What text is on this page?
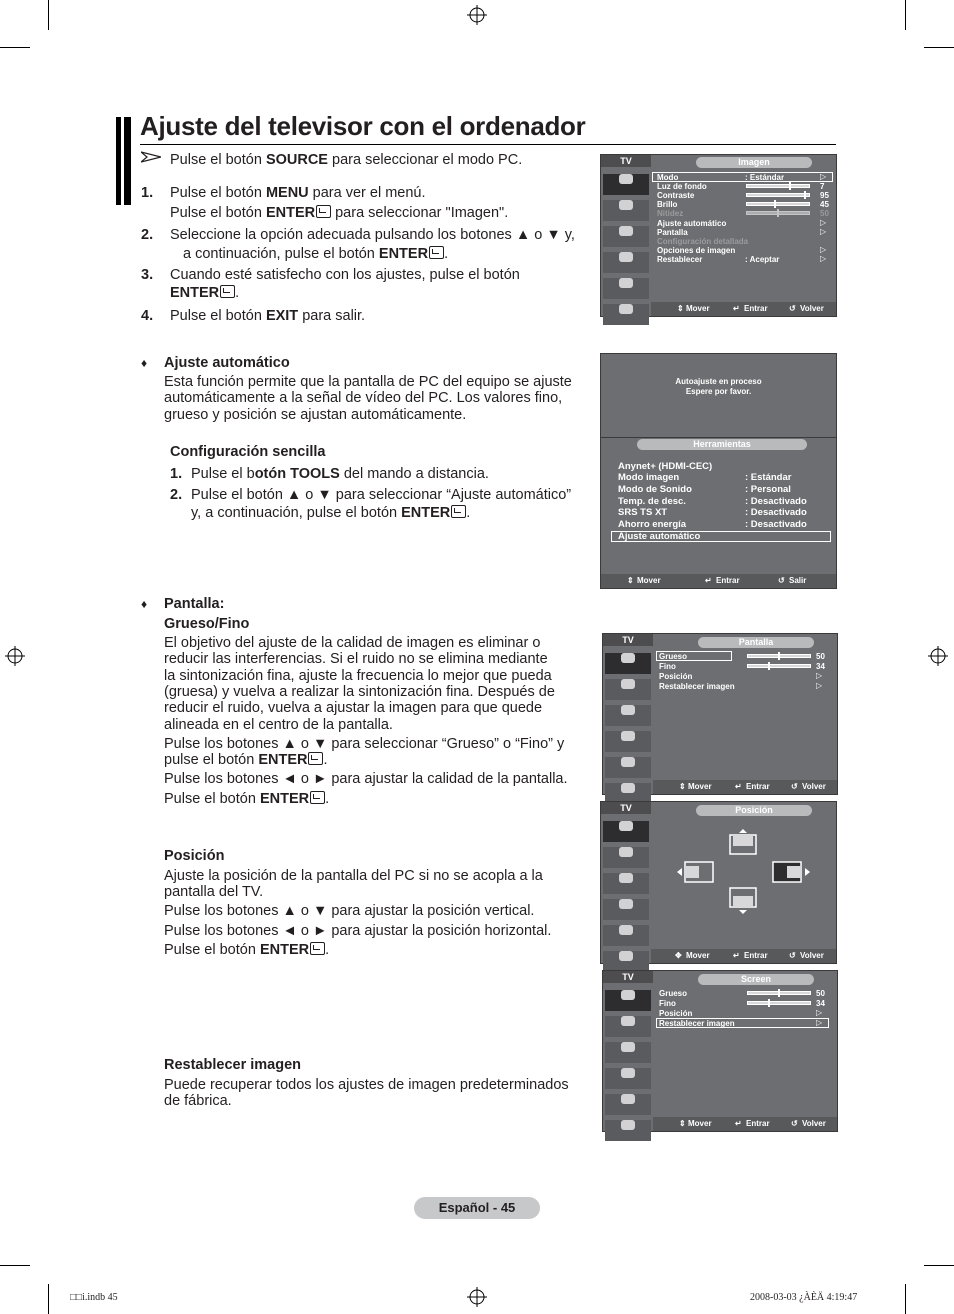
Ajuste del televisor con el ordenador
Pulse el botón SOURCE para seleccionar el modo PC.
1. Pulse el botón MENU para ver el menú.
Pulse el botón ENTER para seleccionar "Imagen".
2. Seleccione la opción adecuada pulsando los botones ▲ o ▼ y,
a continuación, pulse el botón ENTER .
3. Cuando esté satisfecho con los ajustes, pulse el botón
ENTER .
4. Pulse el botón EXIT para salir.
♦ Ajuste automático
Esta función permite que la pantalla de PC del equipo se ajuste
automáticamente a la señal de vídeo del PC. Los valores fino,
grueso y posición se ajustan automáticamente.
Configuración sencilla
1. Pulse el botón TOOLS del mando a distancia.
2. Pulse el botón ▲ o ▼ para seleccionar “Ajuste automático”
y, a continuación, pulse el botón ENTER .
♦ Pantalla:
Grueso/Fino
El objetivo del ajuste de la calidad de imagen es eliminar o
reducir las interferencias. Si el ruido no se elimina mediante
la sintonización fina, ajuste la frecuencia lo mejor que pueda
(gruesa) y vuelva a realizar la sintonización fina. Después de
reducir el ruido, vuelva a ajustar la imagen para que quede
alineada en el centro de la pantalla.
Pulse los botones ▲ o ▼ para seleccionar “Grueso” o “Fino” y
pulse el botón ENTER .
Pulse los botones ◄ o ► para ajustar la calidad de la pantalla.
Pulse el botón ENTER .
Posición
Ajuste la posición de la pantalla del PC si no se acopla a la
pantalla del TV.
Pulse los botones ▲ o ▼ para ajustar la posición vertical.
Pulse los botones ◄ o ► para ajustar la posición horizontal.
Pulse el botón ENTER .
Restablecer imagen
Puede recuperar todos los ajustes de imagen predeterminados
de fábrica.
TV	Imagen
Modo	: Estándar	▷
Luz de fondo	7
Contraste	95
Brillo	45
Nitidez	50
Ajuste automático	▷
Pantalla	▷
Configuración detallada
Opciones de imagen	▷
Restablecer	: Aceptar	▷
⇕ Mover	↵ Entrar	↺ Volver
Autoajuste en proceso
Espere por favor.
Herramientas
Anynet+ (HDMI-CEC)
Modo imagen	: Estándar
Modo de Sonido	: Personal
Temp. de desc.	: Desactivado
SRS TS XT	: Desactivado
Ahorro energía	: Desactivado
Ajuste automático
⇕ Mover	↵ Entrar	↺ Salir
TV	Pantalla
Grueso	50
Fino	34
Posición	▷
Restablecer imagen	▷
⇕ Mover	↵ Entrar	↺ Volver
TV	Posición
✥ Mover	↵ Entrar	↺ Volver
TV	Screen
Grueso	50
Fino	34
Posición	▷
Restablecer imagen	▷
⇕ Mover	↵ Entrar	↺ Volver
Español - 45
□□i.indb 45	2008-03-03 ¿ÀÈÄ 4:19:47
